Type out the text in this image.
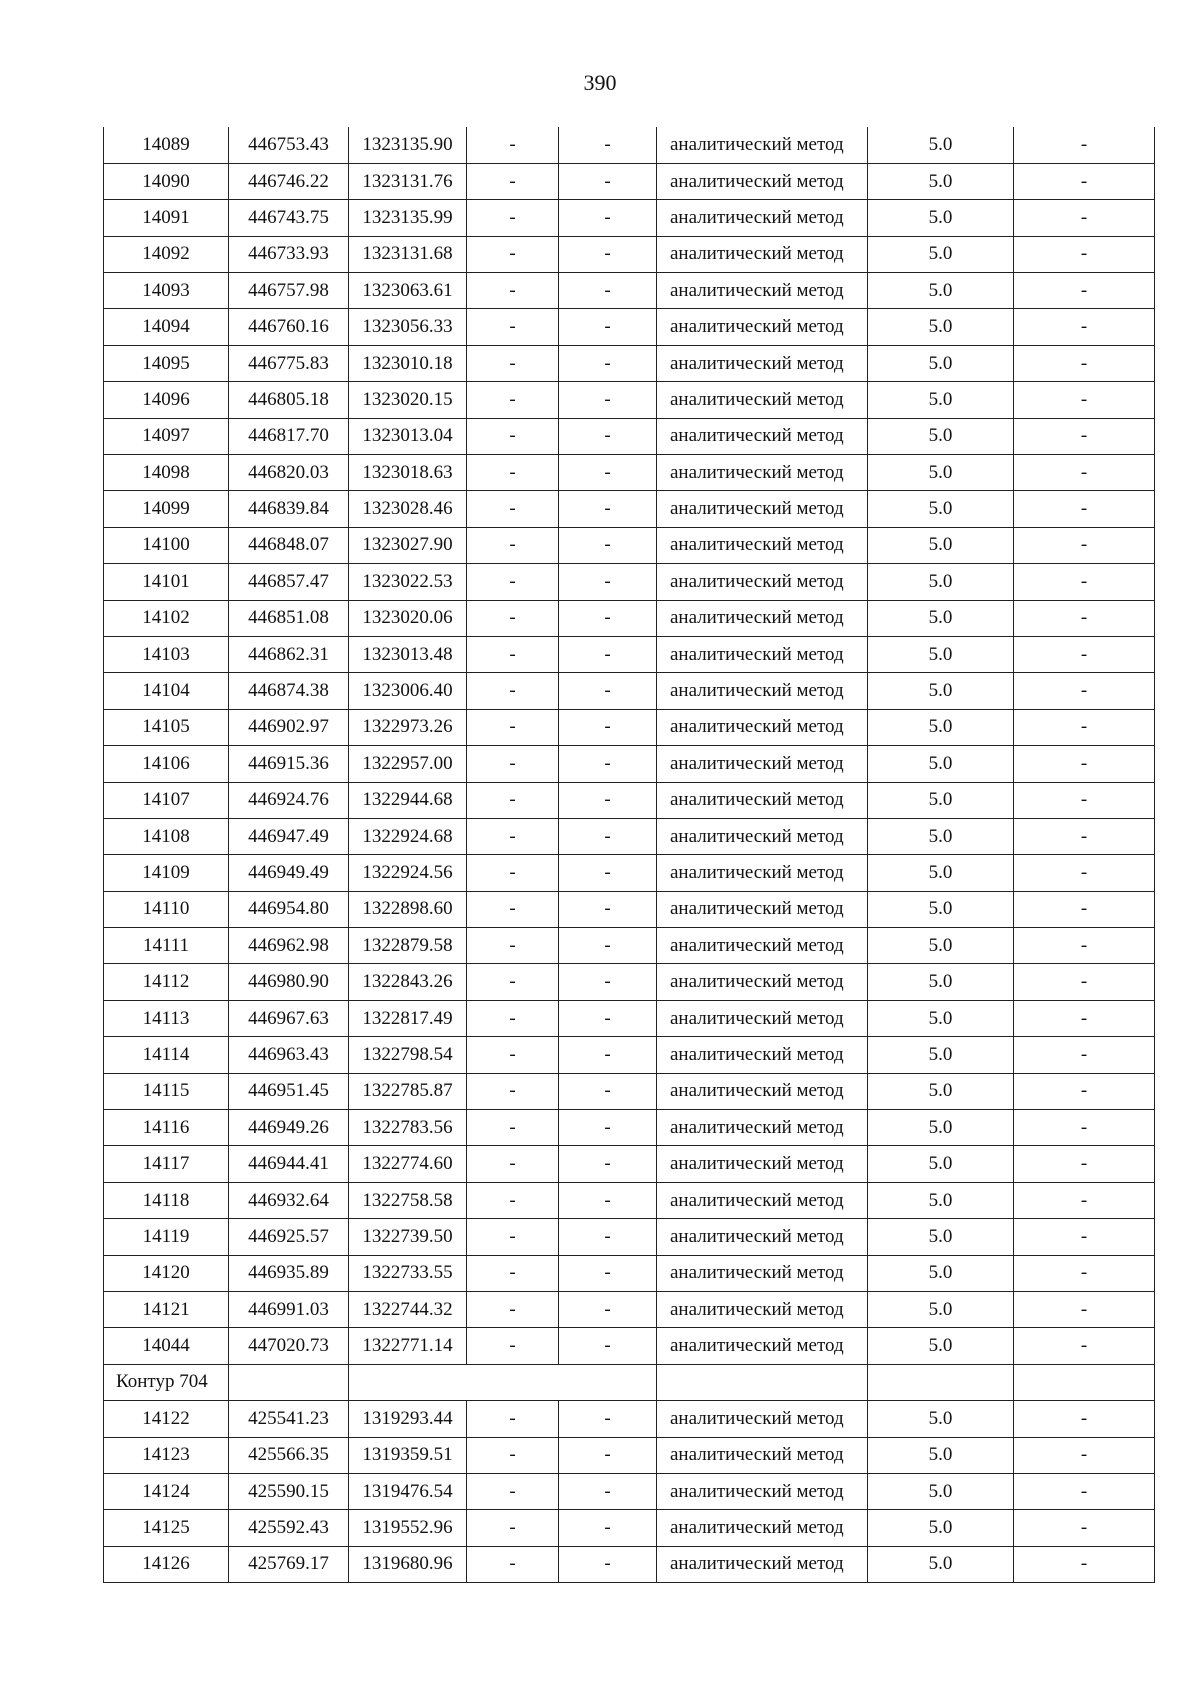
390
14089	446753.43	1323135.90	-	-	аналитический метод	5.0	-
14090	446746.22	1323131.76	-	-	аналитический метод	5.0	-
14091	446743.75	1323135.99	-	-	аналитический метод	5.0	-
14092	446733.93	1323131.68	-	-	аналитический метод	5.0	-
14093	446757.98	1323063.61	-	-	аналитический метод	5.0	-
14094	446760.16	1323056.33	-	-	аналитический метод	5.0	-
14095	446775.83	1323010.18	-	-	аналитический метод	5.0	-
14096	446805.18	1323020.15	-	-	аналитический метод	5.0	-
14097	446817.70	1323013.04	-	-	аналитический метод	5.0	-
14098	446820.03	1323018.63	-	-	аналитический метод	5.0	-
14099	446839.84	1323028.46	-	-	аналитический метод	5.0	-
14100	446848.07	1323027.90	-	-	аналитический метод	5.0	-
14101	446857.47	1323022.53	-	-	аналитический метод	5.0	-
14102	446851.08	1323020.06	-	-	аналитический метод	5.0	-
14103	446862.31	1323013.48	-	-	аналитический метод	5.0	-
14104	446874.38	1323006.40	-	-	аналитический метод	5.0	-
14105	446902.97	1322973.26	-	-	аналитический метод	5.0	-
14106	446915.36	1322957.00	-	-	аналитический метод	5.0	-
14107	446924.76	1322944.68	-	-	аналитический метод	5.0	-
14108	446947.49	1322924.68	-	-	аналитический метод	5.0	-
14109	446949.49	1322924.56	-	-	аналитический метод	5.0	-
14110	446954.80	1322898.60	-	-	аналитический метод	5.0	-
14111	446962.98	1322879.58	-	-	аналитический метод	5.0	-
14112	446980.90	1322843.26	-	-	аналитический метод	5.0	-
14113	446967.63	1322817.49	-	-	аналитический метод	5.0	-
14114	446963.43	1322798.54	-	-	аналитический метод	5.0	-
14115	446951.45	1322785.87	-	-	аналитический метод	5.0	-
14116	446949.26	1322783.56	-	-	аналитический метод	5.0	-
14117	446944.41	1322774.60	-	-	аналитический метод	5.0	-
14118	446932.64	1322758.58	-	-	аналитический метод	5.0	-
14119	446925.57	1322739.50	-	-	аналитический метод	5.0	-
14120	446935.89	1322733.55	-	-	аналитический метод	5.0	-
14121	446991.03	1322744.32	-	-	аналитический метод	5.0	-
14044	447020.73	1322771.14	-	-	аналитический метод	5.0	-
Контур 704							
14122	425541.23	1319293.44	-	-	аналитический метод	5.0	-
14123	425566.35	1319359.51	-	-	аналитический метод	5.0	-
14124	425590.15	1319476.54	-	-	аналитический метод	5.0	-
14125	425592.43	1319552.96	-	-	аналитический метод	5.0	-
14126	425769.17	1319680.96	-	-	аналитический метод	5.0	-
